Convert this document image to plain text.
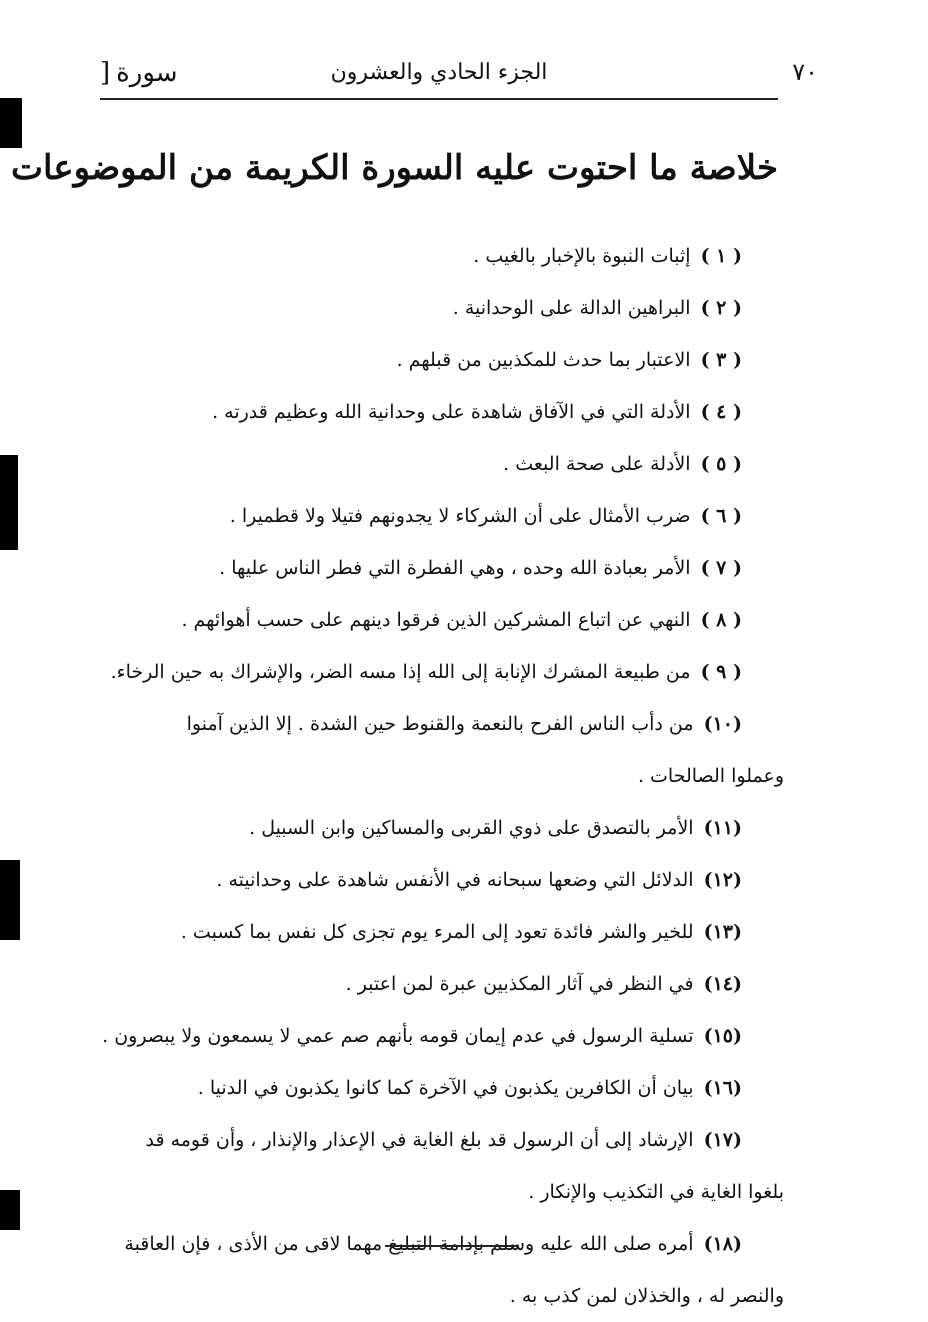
سورة[	الجزء الحادي والعشرون	٧٠
خلاصة ما احتوت عليه السورة الكريمة من الموضوعات
( ١ )إثبات النبوة بالإخبار بالغيب .
( ٢ )البراهين الدالة على الوحدانية .
( ٣ )الاعتبار بما حدث للمكذبين من قبلهم .
( ٤ )الأدلة التي في الآفاق شاهدة على وحدانية الله وعظيم قدرته .
( ٥ )الأدلة على صحة البعث .
( ٦ )ضرب الأمثال على أن الشركاء لا يجدونهم فتيلا ولا قطميرا .
( ٧ )الأمر بعبادة الله وحده ، وهي الفطرة التي فطر الناس عليها .
( ٨ )النهي عن اتباع المشركين الذين فرقوا دينهم على حسب أهوائهم .
( ٩ )من طبيعة المشرك الإنابة إلى الله إذا مسه الضر، والإشراك به حين الرخاء.
(١٠)من دأب الناس الفرح بالنعمة والقنوط حين الشدة . إلا الذين آمنوا
وعملوا الصالحات .
(١١)الأمر بالتصدق على ذوي القربى والمساكين وابن السبيل .
(١٢)الدلائل التي وضعها سبحانه في الأنفس شاهدة على وحدانيته .
(١٣)للخير والشر فائدة تعود إلى المرء يوم تجزى كل نفس بما كسبت .
(١٤)في النظر في آثار المكذبين عبرة لمن اعتبر .
(١٥)تسلية الرسول في عدم إيمان قومه بأنهم صم عمي لا يسمعون ولا يبصرون .
(١٦)بيان أن الكافرين يكذبون في الآخرة كما كانوا يكذبون في الدنيا .
(١٧)الإرشاد إلى أن الرسول قد بلغ الغاية في الإعذار والإنذار ، وأن قومه قد
بلغوا الغاية في التكذيب والإنكار .
(١٨)أمره صلى الله عليه وسلم بإدامة التبليغ مهما لاقى من الأذى ، فإن العاقبة
والنصر له ، والخذلان لمن كذب به .
